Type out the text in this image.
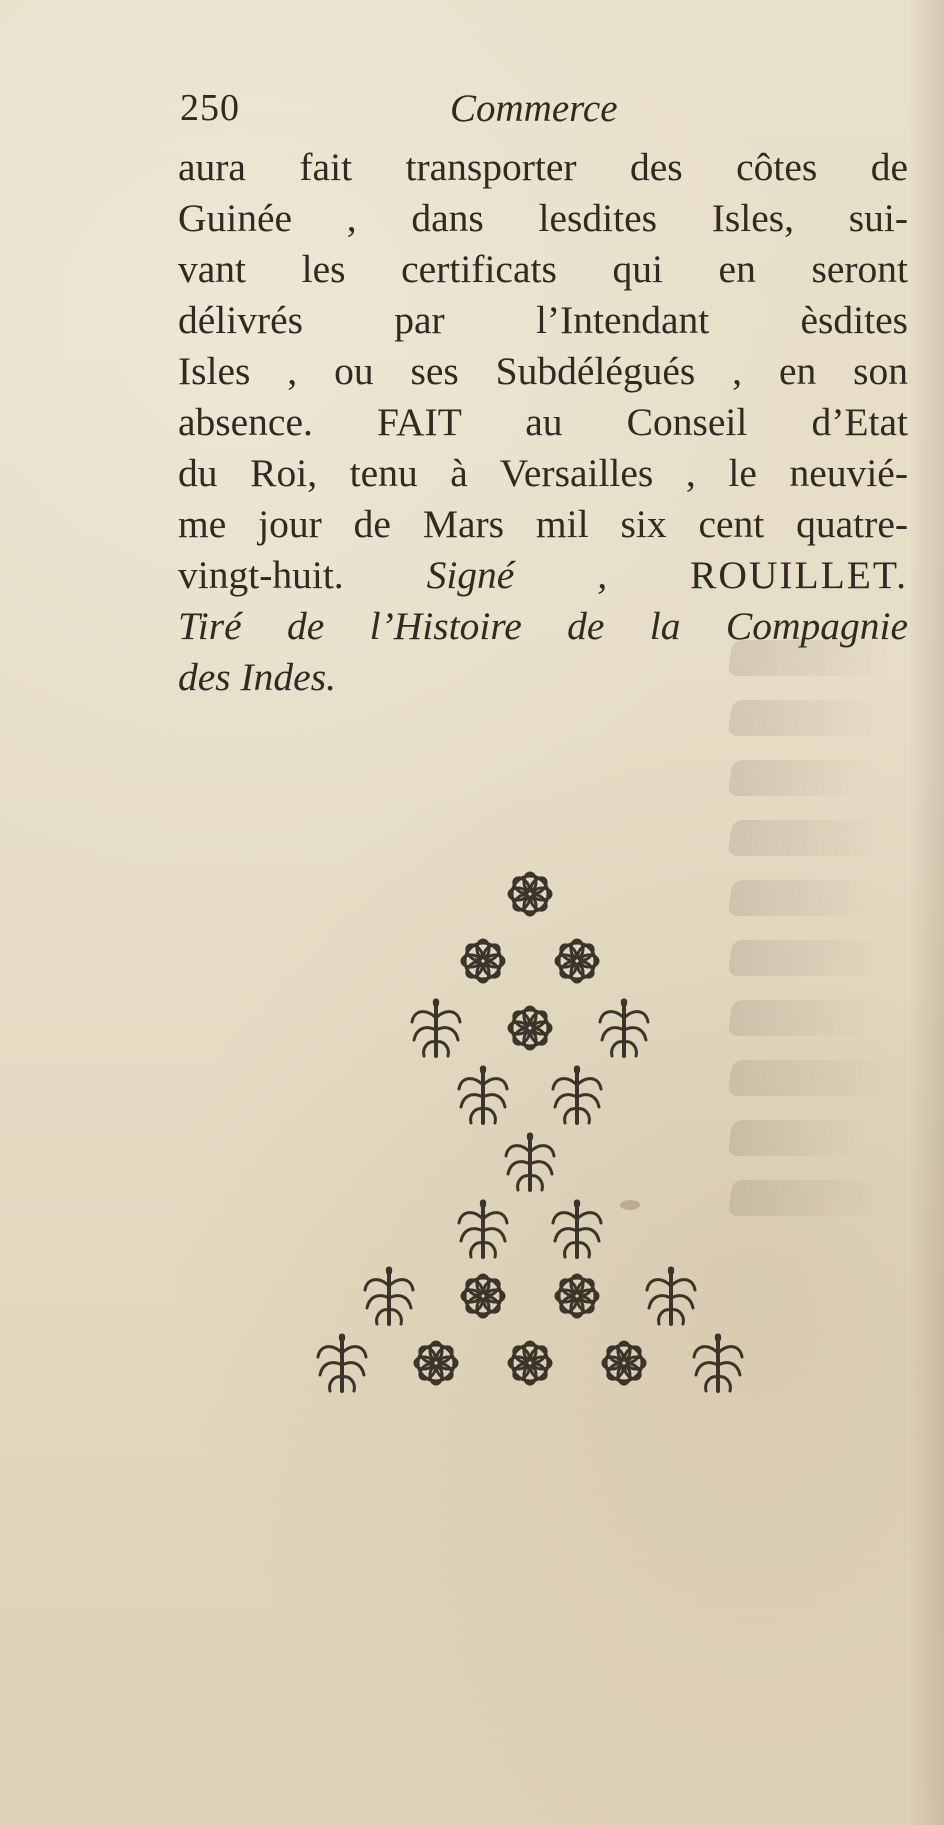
250	Commerce
aura fait transporter des côtes de
Guinée , dans lesdites Isles, sui-
vant les certificats qui en seront
délivrés par l’Intendant èsdites
Isles , ou ses Subdélégués , en son
absence. FAIT au Conseil d’Etat
du Roi, tenu à Versailles , le neuvié-
me jour de Mars mil six cent quatre-
vingt-huit. Signé , ROUILLET.
Tiré de l’Histoire de la Compagnie
des Indes.
